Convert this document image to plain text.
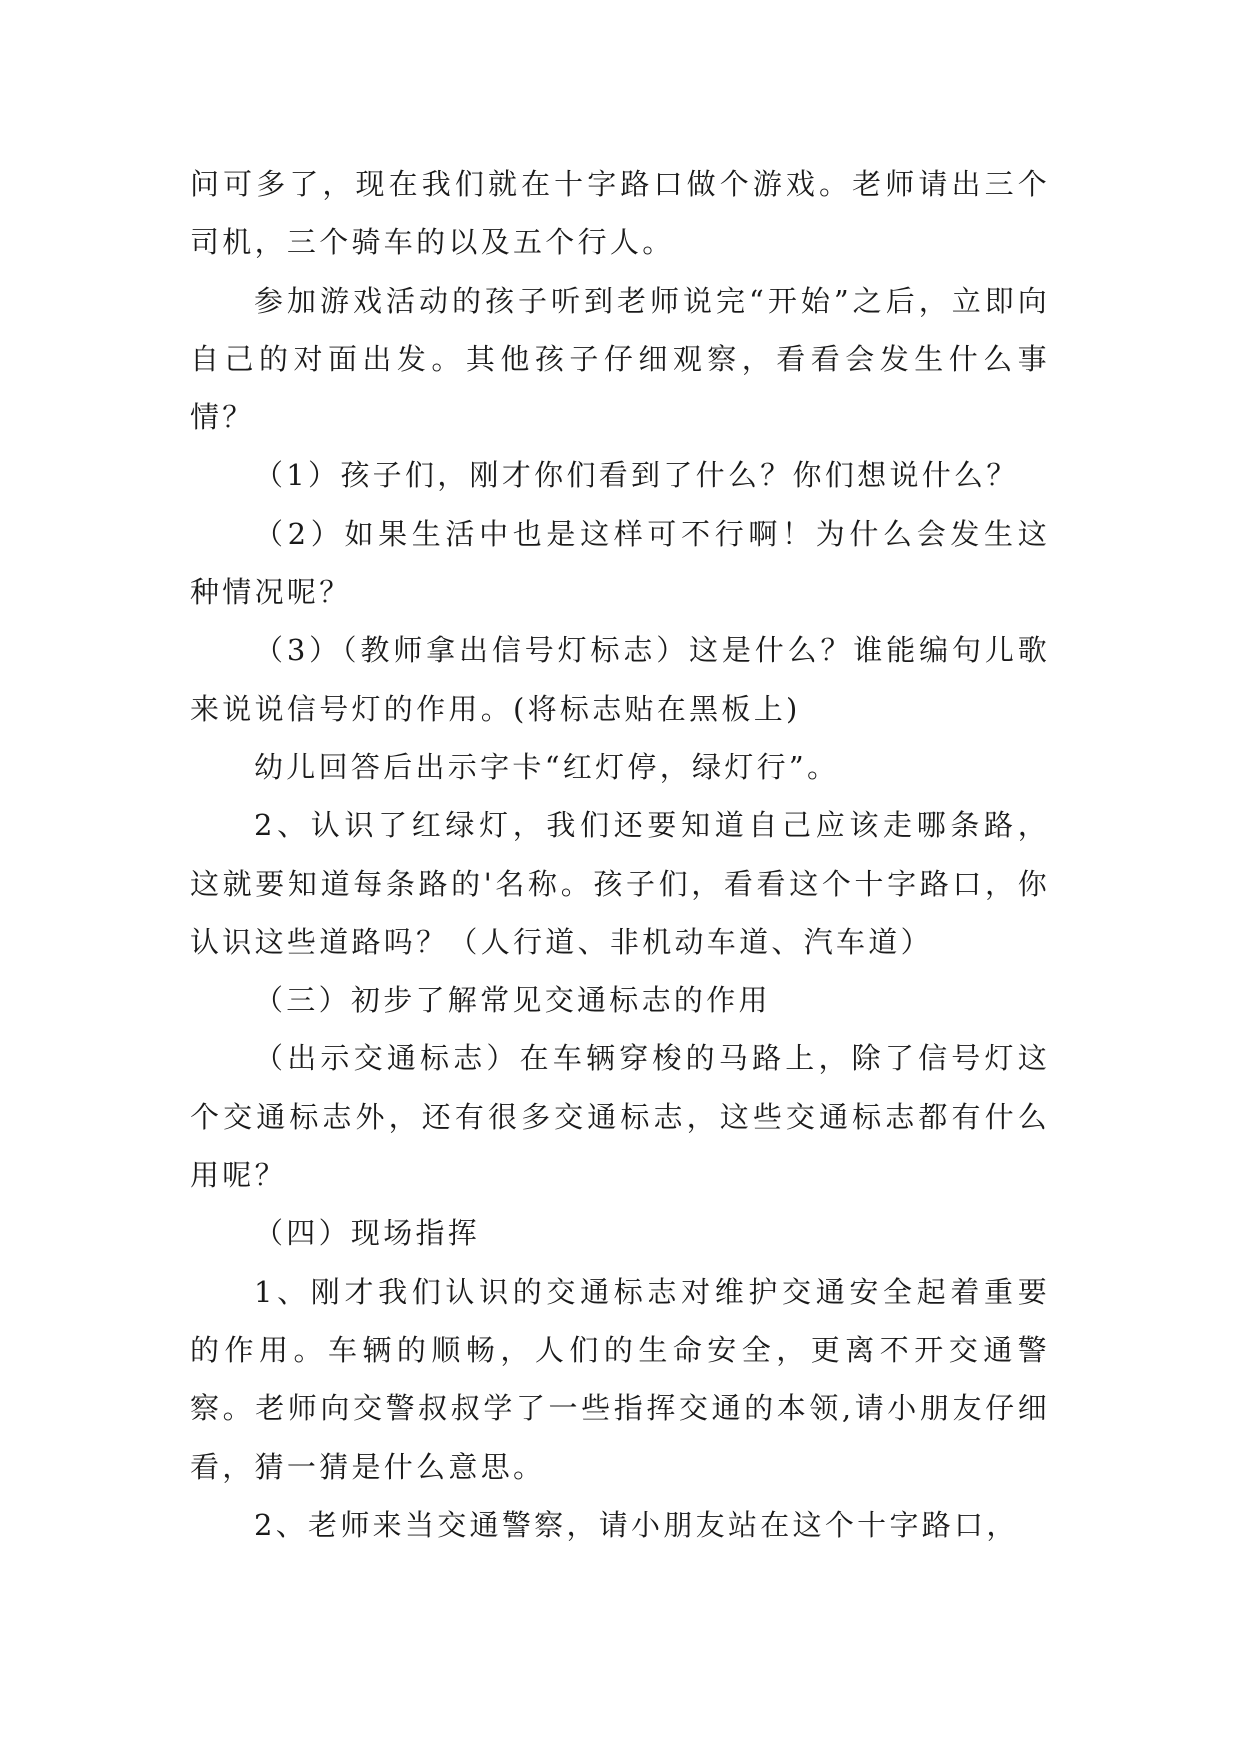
问可多了，现在我们就在十字路口做个游戏。老师请出三个司机，三个骑车的以及五个行人。

参加游戏活动的孩子听到老师说完“开始”之后，立即向自己的对面出发。其他孩子仔细观察，看看会发生什么事情？

（1）孩子们，刚才你们看到了什么？你们想说什么？

（2）如果生活中也是这样可不行啊！为什么会发生这种情况呢？

（3）（教师拿出信号灯标志）这是什么？谁能编句儿歌来说说信号灯的作用。(将标志贴在黑板上)

幼儿回答后出示字卡“红灯停，绿灯行”。

2、认识了红绿灯，我们还要知道自己应该走哪条路，这就要知道每条路的'名称。孩子们，看看这个十字路口，你认识这些道路吗？（人行道、非机动车道、汽车道）

（三）初步了解常见交通标志的作用

（出示交通标志）在车辆穿梭的马路上，除了信号灯这个交通标志外，还有很多交通标志，这些交通标志都有什么用呢？

（四）现场指挥

1、刚才我们认识的交通标志对维护交通安全起着重要的作用。车辆的顺畅，人们的生命安全，更离不开交通警察。老师向交警叔叔学了一些指挥交通的本领,请小朋友仔细看，猜一猜是什么意思。

2、老师来当交通警察，请小朋友站在这个十字路口，
